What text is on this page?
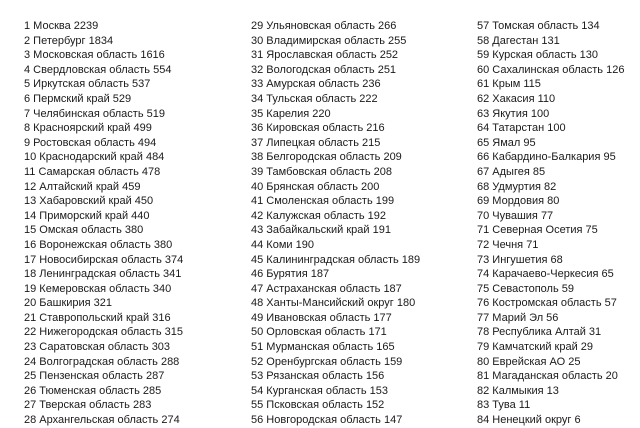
1 Москва 2239
2 Петербург 1834
3 Московская область 1616
4 Свердловская область 554
5 Иркутская область 537
6 Пермский край 529
7 Челябинская область 519
8 Красноярский край 499
9 Ростовская область 494
10 Краснодарский край 484
11 Самарская область 478
12 Алтайский край 459
13 Хабаровский край 450
14 Приморский край 440
15 Омская область 380
16 Воронежская область 380
17 Новосибирская область 374
18 Ленинградская область 341
19 Кемеровская область 340
20 Башкирия 321
21 Ставропольский край 316
22 Нижегородская область 315
23 Саратовская область 303
24 Волгоградская область 288
25 Пензенская область 287
26 Тюменская область 285
27 Тверская область 283
28 Архангельская область 274
29 Ульяновская область 266
30 Владимирская область 255
31 Ярославская область 252
32 Вологодская область 251
33 Амурская область 236
34 Тульская область 222
35 Карелия 220
36 Кировская область 216
37 Липецкая область 215
38 Белгородская область 209
39 Тамбовская область 208
40 Брянская область 200
41 Смоленская область 199
42 Калужская область 192
43 Забайкальский край 191
44 Коми 190
45 Калининградская область 189
46 Бурятия 187
47 Астраханская область 187
48 Ханты-Мансийский округ 180
49 Ивановская область 177
50 Орловская область 171
51 Мурманская область 165
52 Оренбургская область 159
53 Рязанская область 156
54 Курганская область 153
55 Псковская область 152
56 Новгородская область 147
57 Томская область 134
58 Дагестан 131
59 Курская область 130
60 Сахалинская область 126
61 Крым 115
62 Хакасия 110
63 Якутия 100
64 Татарстан 100
65 Ямал 95
66 Кабардино-Балкария 95
67 Адыгея 85
68 Удмуртия 82
69 Мордовия 80
70 Чувашия 77
71 Северная Осетия 75
72 Чечня 71
73 Ингушетия 68
74 Карачаево-Черкесия 65
75 Севастополь 59
76 Костромская область 57
77 Марий Эл 56
78 Республика Алтай 31
79 Камчатский край 29
80 Еврейская АО 25
81 Магаданская область 20
82 Калмыкия 13
83 Тува 11
84 Ненецкий округ 6
